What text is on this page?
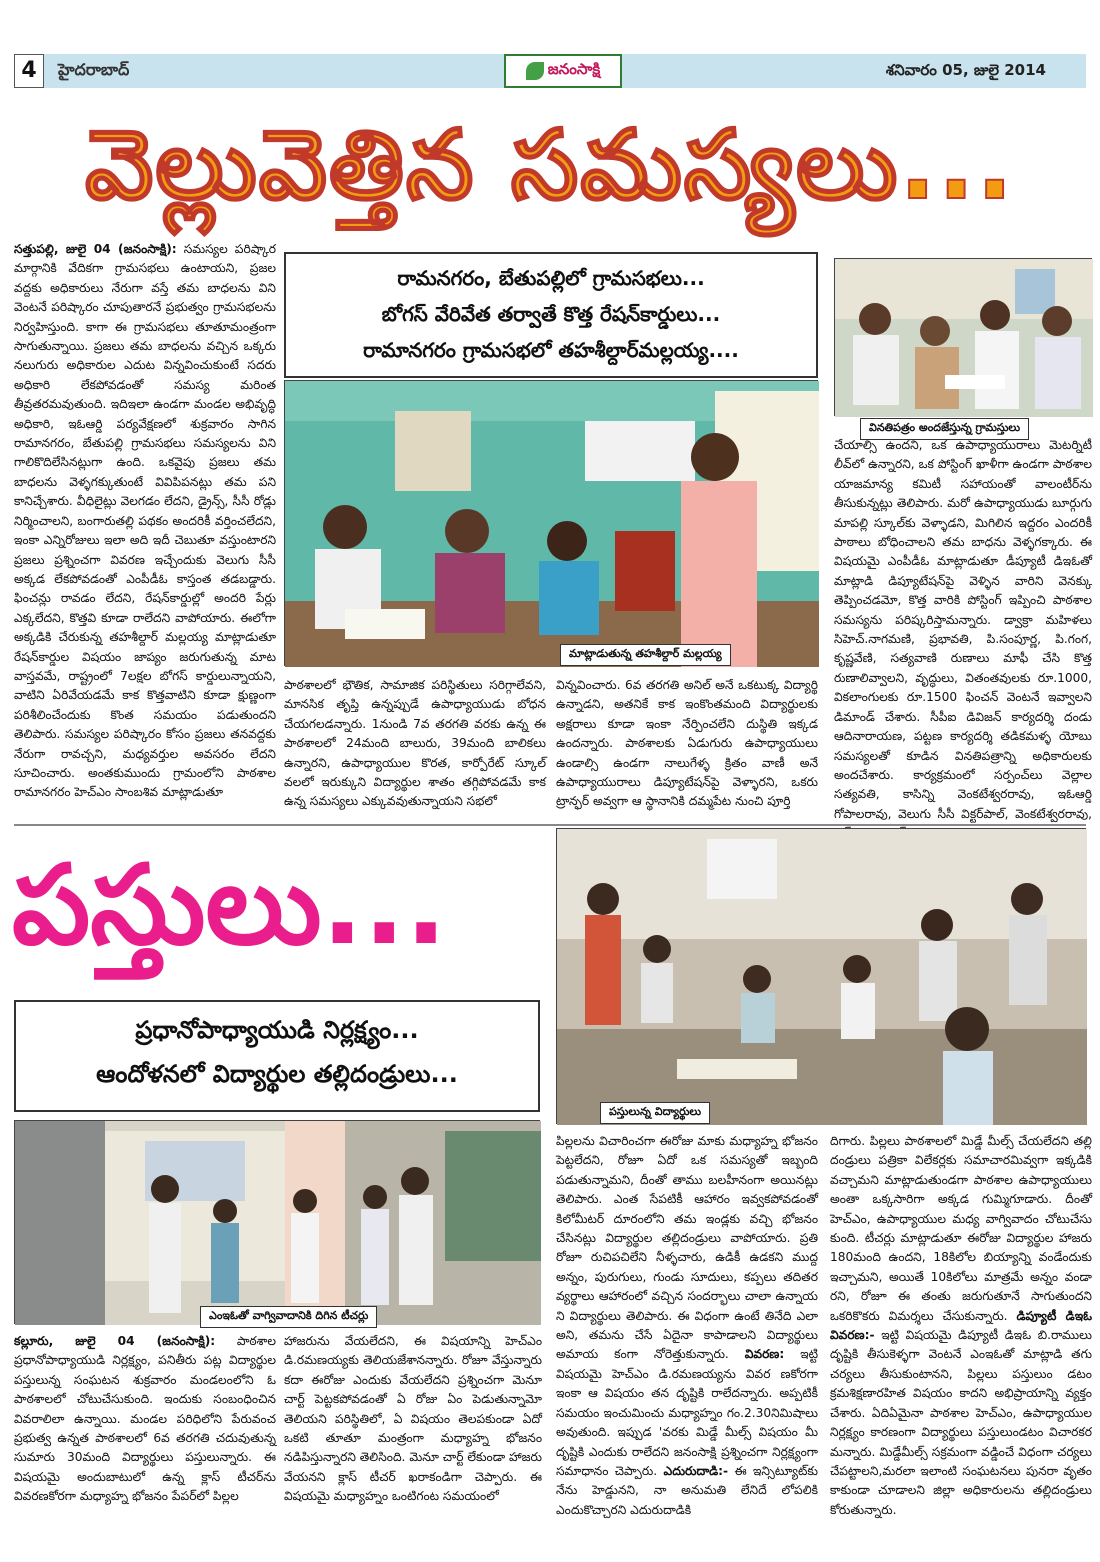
4	హైదరాబాద్	జనంసాక్షి	శనివారం 05, జులై 2014
వెల్లువెత్తిన సమస్యలు...
సత్తుపల్లి, జులై 04 (జనంసాక్షి): సమస్యల పరిష్కార మార్గానికి వేదికగా గ్రామసభలు ఉంటాయని, ప్రజల వద్దకు అధికారులు నేరుగా వస్తే తమ బాధలను విని వెంటనే పరిష్కారం చూపుతారనే ప్రభుత్వం గ్రామసభలను నిర్వహిస్తుంది. కాగా ఈ గ్రామసభలు తూతూమంత్రంగా సాగుతున్నాయి. ప్రజలు తమ బాధలను వచ్చిన ఒక్కరు నలుగురు అధికారుల ఎదుట విన్నవించుకుంటే సదరు అధికారి లేకపోవడంతో సమస్య మరింత తీవ్రతరమవుతుంది. ఇదిఇలా ఉండగా మండల అభివృద్ధి అధికారి, ఇఓఆర్డి పర్యవేక్షణలో శుక్రవారం సాగిన రామానగరం, బేతుపల్లి గ్రామసభలు సమస్యలను విని గాలికొదిలేసినట్లుగా ఉంది. ఒకవైపు ప్రజలు తమ బాధలను వెళ్ళగక్కుతుంటే వివిపిపనట్లు తమ పని కానిచ్చేశారు. వీధిలైట్లు వెలగడం లేదని, డ్రైన్స్, సీసీ రోడ్లు నిర్మించాలని, బంగారుతల్లి పథకం అందరికీ వర్తించలేదని, ఇంకా ఎన్నిరోజులు ఇలా అది ఇదీ చెబుతూ వస్తుంటారని ప్రజలు ప్రశ్నించగా వివరణ ఇచ్చేందుకు వెలుగు సీసీ అక్కడ లేకపోవడంతో ఎంపీడీఓ కాస్తంత తడబడ్డారు. ఫించన్లు రావడం లేదని, రేషన్‌కార్డుల్లో అందరి పేర్లు ఎక్కలేదని, కొత్తవి కూడా రాలేదని వాపోయారు. ఈలోగా అక్కడికి చేరుకున్న తహశీల్దార్ మల్లయ్య మాట్లాడుతూ రేషన్‌కార్డుల విషయం జాప్యం జరుగుతున్న మాట వాస్తవమే, రాష్ట్రంలో 7లక్షల బోగస్ కార్డులున్నాయని, వాటిని ఏరివేయడమే కాక కొత్తవాటిని కూడా క్షుణ్ణంగా పరిశీలించేందుకు కొంత సమయం పడుతుందని తెలిపారు. సమస్యల పరిష్కారం కోసం ప్రజలు తనవద్దకు నేరుగా రావచ్చని, మధ్యవర్తుల అవసరం లేదని సూచించారు. అంతకుముందు గ్రామంలోని పాఠశాల రామానగరం హెచ్ఎం సాంబశివ మాట్లాడుతూ
రామనగరం, బేతుపల్లిలో గ్రామసభలు...
బోగస్ వేరివేత తర్వాతే కొత్త రేషన్‌కార్డులు...
రామానగరం గ్రామసభలో తహశీల్దార్‌మల్లయ్య....
వినతిపత్రం అందజేస్తున్న గ్రామస్తులు
మాట్లాడుతున్న తహశీల్దార్ మల్లయ్య
పాఠశాలలో భౌతిక, సామాజిక పరిస్థితులు సరిగ్గాలేవని, మానసిక తృప్తి ఉన్నప్పుడే ఉపాధ్యాయుడు బోధన చేయగలడన్నారు. 1నుండి 7వ తరగతి వరకు ఉన్న ఈ పాఠశాలలో 24మంది బాలురు, 39మంది బాలికలు ఉన్నారని, ఉపాధ్యాయుల కొరత, కార్పోరేట్ స్కూల్ వలలో ఇరుక్కుని విద్యార్థుల శాతం తగ్గిపోవడమే కాక ఉన్న సమస్యలు ఎక్కువవుతున్నాయని సభలో
విన్నవించారు. 6వ తరగతి అనిల్ అనే ఒకటుక్క విద్యార్థి ఉన్నాడని, అతనికే కాక ఇంకొంతమంది విద్యార్థులకు అక్షరాలు కూడా ఇంకా నేర్పించలేని దుస్థితి ఇక్కడ ఉందన్నారు. పాఠశాలకు ఏడుగురు ఉపాధ్యాయులు ఉండాల్సి ఉండగా నాలుగేళ్ళ క్రితం వాణీ అనే ఉపాధ్యాయురాలు డిప్యూటేషన్‌పై వెళ్ళారని, ఒకరు ట్రాన్ఫర్ అవ్వగా ఆ స్థానానికి దమ్మపేట నుంచి పూర్తి
చేయాల్సి ఉందని, ఒక ఉపాధ్యాయురాలు మెటర్నిటీ లీవ్‌లో ఉన్నారని, ఒక పోస్టింగ్ ఖాళీగా ఉండగా పాఠశాల యాజమాన్య కమిటీ సహాయంతో వాలంటీర్‌ను తీసుకున్నట్లు తెలిపారు. మరో ఉపాధ్యాయుడు బూర్గుగు మాపల్లి స్కూల్‌కు వెళ్ళాడని, మిగిలిన ఇద్దరం ఎందరికీ పాఠాలు బోధించాలని తమ బాధను వెళ్ళగక్కారు. ఈ విషయమై ఎంపీడీఓ మాట్లాడుతూ డీప్యూటీ డిఇఓతో మాట్లాడి డిప్యూటేషన్‌పై వెళ్ళిన వారిని వెనక్కు తెప్పించడమో, కొత్త వారికి పోస్టింగ్ ఇప్పించి పాఠశాల సమస్యను పరిష్కరిస్తామన్నారు. డ్వాక్రా మహిళలు సిహెచ్.నాగమణి, ప్రభావతి, పి.సంపూర్ణ, పి.గంగ, కృష్ణవేణి, సత్యవాణి రుణాలు మాఫీ చేసి కొత్త రుణాలివ్వాలని, వృద్ధులు, వితంతవులకు రూ.1000, వికలాంగులకు రూ.1500 ఫించన్ వెంటనే ఇవ్వాలని డిమాండ్ చేశారు. సీపీఐ డివిజన్ కార్యదర్శి దండు ఆదినారాయణ, పట్టణ కార్యదర్శి తడికమళ్ళ యోబు సమస్యలతో కూడిన వినతిపత్రాన్ని అధికారులకు అందచేశారు. కార్యక్రమంలో సర్పంచ్‌లు వెల్లాల సత్యవతి, కాసిన్ని వెంకటేశ్వరరావు, ఇఓఆర్డి గోపాలరావు, వెలుగు సీసీ విక్టర్‌పాల్, వెంకటేశ్వరరావు,
పస్తులు...
ప్రధానోపాధ్యాయుడి నిర్లక్ష్యం...
ఆందోళనలో విద్యార్థుల తల్లిదండ్రులు...
పస్తులున్న విద్యార్థులు
ఎంఇఓతో వాగ్వివాదానికి దిగిన టీచర్లు
కల్లూరు, జులై 04 (జనంసాక్షి): పాఠశాల ప్రధానోపాధ్యాయుడి నిర్లక్ష్యం, పనితీరు పట్ల విద్యార్థుల పస్తులున్న సంఘటన శుక్రవారం మండలంలోని ఓ పాఠశాలలో చోటుచేసుకుంది. ఇందుకు సంబంధించిన వివరాలిలా ఉన్నాయి. మండల పరిధిలోని పేరువంచ ప్రభుత్వ ఉన్నత పాఠశాలలో 6వ తరగతి చదువుతున్న సుమారు 30మంది విద్యార్థులు పస్తులున్నారు. ఈ విషయమై అందుబాటులో ఉన్న క్లాస్ టీచర్‌ను వివరణకోరగా మధ్యాహ్న భోజనం పేపర్‌లో పిల్లల
హాజరును వేయలేదని, ఈ విషయాన్ని హెచ్ఎం డి.రమణయ్యకు తెలియజేశానన్నారు. రోజూ వేస్తున్నారు కదా ఈరోజు ఎందుకు వేయలేదని ప్రశ్నించగా మెనూ చార్ట్ పెట్టకపోవడంతో ఏ రోజు ఏం పెడుతున్నామో తెలియని పరిస్థితిలో, ఏ విషయం తెలపకుండా ఏదో ఒకటి తూతూ మంత్రంగా మధ్యాహ్న భోజనం నడిపిస్తున్నారని తెలిసింది. మెనూ చార్ట్ లేకుండా హాజరు వేయనని క్లాస్ టీచర్ ఖరాకండిగా చెప్పారు. ఈ విషయమై మధ్యాహ్నం ఒంటిగంట సమయంలో
పిల్లలను విచారించగా ఈరోజు మాకు మధ్యాహ్న భోజనం పెట్టలేదని, రోజూ ఏదో ఒక సమస్యతో ఇబ్బంది పడుతున్నామని, దీంతో తాము బలహీనంగా అయినట్లు తెలిపారు. ఎంత సేపటికీ ఆహారం ఇవ్వకపోవడంతో కిలోమీటర్ దూరంలోని తమ ఇండ్లకు వచ్చి భోజనం చేసినట్లు విద్యార్థుల తల్లిదండ్రులు వాపోయారు. ప్రతి రోజూ రుచిపచిలేని నీళ్ళచారు, ఉడికీ ఉడకని ముద్ద అన్నం, పురుగులు, గుండు సూదులు, కప్పలు తదితర వ్యర్థాలు ఆహారంలో వచ్చిన సందర్భాలు చాలా ఉన్నాయ ని విద్యార్థులు తెలిపారు. ఈ విధంగా ఉంటే తినేది ఎలా అని, తమను చేసే ఏదైనా కాపాడాలని విద్యార్థులు అమాయ కంగా నోరెత్తుకున్నారు. వివరణ: ఇట్టి విషయమై హెచ్ఎం డి.రమణయ్యను వివర ణకోరగా ఇంకా ఆ విషయం తన దృష్టికి రాలేదన్నారు. అప్పటికీ సమయం ఇంచుమించు మధ్యాహ్నం గం.2.30నిమిషాలు అవుతుంది. ఇప్పుడ 'వరకు మిడ్డే మీల్స్ విషయం మీ దృష్టికి ఎందుకు రాలేదని జనంసాక్షి ప్రశ్నించగా నిర్లక్ష్యంగా సమాధానం చెప్పారు. ఎదురుదాడి:- ఈ ఇన్సిట్యూట్‌కు నేను హెడ్డునని, నా అనుమతి లేనిదే లోపలికి ఎందుకొచ్చారని ఎదురుదాడికి
దిగారు. పిల్లలు పాఠశాలలో మిడ్డే మీల్స్ చేయలేదని తల్లి దండ్రులు పత్రికా విలేకర్లకు సమాచారమివ్వగా ఇక్కడికి వచ్చామని మాట్లాడుతుండగా పాఠశాల ఉపాధ్యాయులు అంతా ఒక్కసారిగా అక్కడ గుమ్మిగూడారు. దీంతో హెచ్ఎం, ఉపాధ్యాయుల మధ్య వాగ్వివాదం చోటుచేసు కుంది. టీచర్లు మాట్లాడుతూ ఈరోజు విద్యార్థుల హాజరు 180మంది ఉందని, 18కిలోల బియ్యాన్ని వండేందుకు ఇచ్చామని, అయితే 10కిలోలు మాత్రమే అన్నం వండా రని, రోజూ ఈ తంతు జరుగుతూనే సాగుతుందని ఒకరికొకరు విమర్శలు చేసుకున్నారు. డిప్యూటీ డిఇఓ వివరణ:- ఇట్టి విషయమై డిప్యూటీ డిఇఓ బి.రాములు దృష్టికి తీసుకెళ్ళగా వెంటనే ఎంఇఓతో మాట్లాడి తగు చర్యలు తీసుకుంటానని, పిల్లలు పస్తులుం డటం క్రమశిక్షణారహిత విషయం కాదని అభిప్రాయాన్ని వ్యక్తం చేశారు. ఏదిఏమైనా పాఠశాల హెచ్ఎం, ఉపాధ్యాయుల నిర్లక్ష్యం కారణంగా విద్యార్థులు పస్తులుండటం విచారకర మన్నారు. మిడ్డేమీల్స్ సక్రమంగా వడ్డించే విధంగా చర్యలు చేపట్టాలని,మరలా ఇలాంటి సంఘటనలు పునరా వృతం కాకుండా చూడాలని జిల్లా అధికారులను తల్లిదండ్రులు కోరుతున్నారు.
